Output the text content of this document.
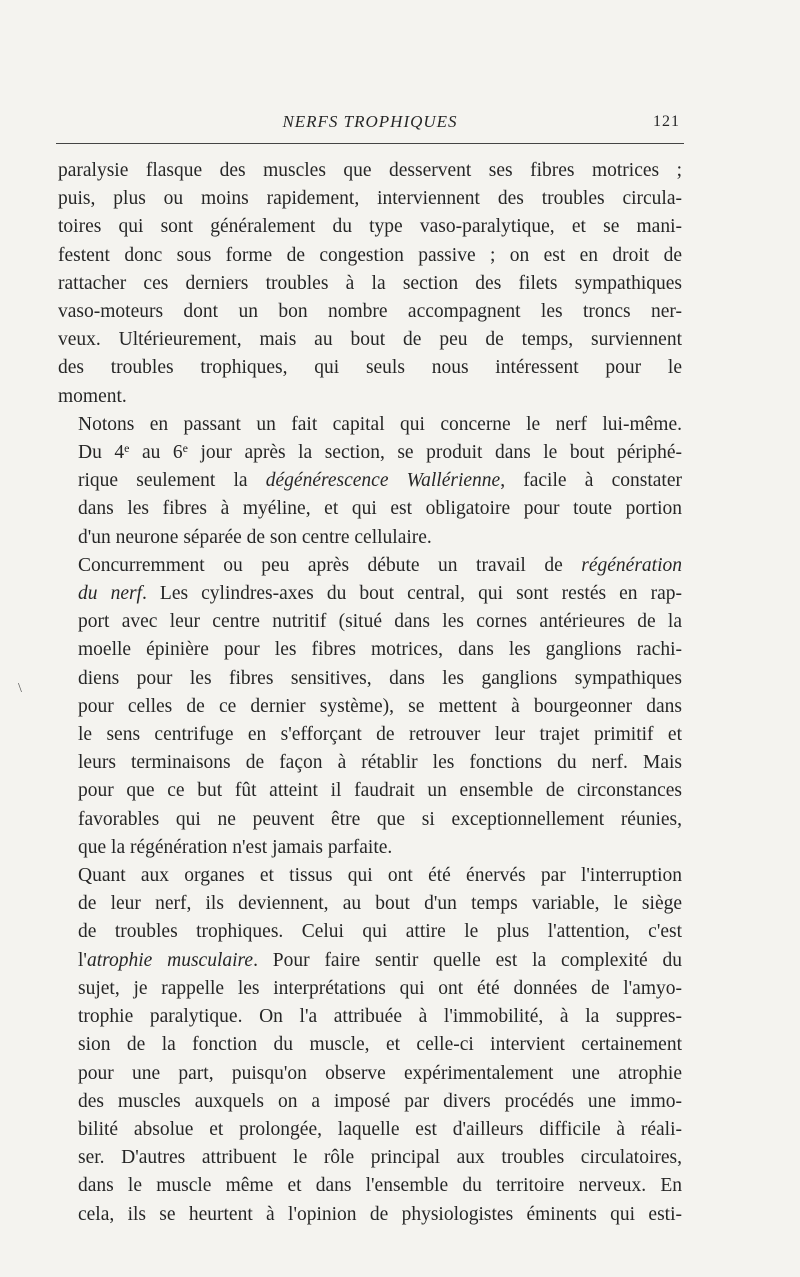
NERFS TROPHIQUES	121
\

paralysie flasque des muscles que desservent ses fibres motrices ;
puis, plus ou moins rapidement, interviennent des troubles circula-
toires qui sont généralement du type vaso-paralytique, et se mani-
festent donc sous forme de congestion passive ; on est en droit de
rattacher ces derniers troubles à la section des filets sympathiques
vaso-moteurs dont un bon nombre accompagnent les troncs ner-
veux. Ultérieurement, mais au bout de peu de temps, surviennent
des troubles trophiques, qui seuls nous intéressent pour le
moment.

Notons en passant un fait capital qui concerne le nerf lui-même.
Du 4e au 6e jour après la section, se produit dans le bout périphé-
rique seulement la dégénérescence Wallérienne, facile à constater
dans les fibres à myéline, et qui est obligatoire pour toute portion
d'un neurone séparée de son centre cellulaire.

Concurremment ou peu après débute un travail de régénération
du nerf. Les cylindres-axes du bout central, qui sont restés en rap-
port avec leur centre nutritif (situé dans les cornes antérieures de la
moelle épinière pour les fibres motrices, dans les ganglions rachi-
diens pour les fibres sensitives, dans les ganglions sympathiques
pour celles de ce dernier système), se mettent à bourgeonner dans
le sens centrifuge en s'efforçant de retrouver leur trajet primitif et
leurs terminaisons de façon à rétablir les fonctions du nerf. Mais
pour que ce but fût atteint il faudrait un ensemble de circonstances
favorables qui ne peuvent être que si exceptionnellement réunies,
que la régénération n'est jamais parfaite.

Quant aux organes et tissus qui ont été énervés par l'interruption
de leur nerf, ils deviennent, au bout d'un temps variable, le siège
de troubles trophiques. Celui qui attire le plus l'attention, c'est
l'atrophie musculaire. Pour faire sentir quelle est la complexité du
sujet, je rappelle les interprétations qui ont été données de l'amyo-
trophie paralytique. On l'a attribuée à l'immobilité, à la suppres-
sion de la fonction du muscle, et celle-ci intervient certainement
pour une part, puisqu'on observe expérimentalement une atrophie
des muscles auxquels on a imposé par divers procédés une immo-
bilité absolue et prolongée, laquelle est d'ailleurs difficile à réali-
ser. D'autres attribuent le rôle principal aux troubles circulatoires,
dans le muscle même et dans l'ensemble du territoire nerveux. En
cela, ils se heurtent à l'opinion de physiologistes éminents qui esti-
